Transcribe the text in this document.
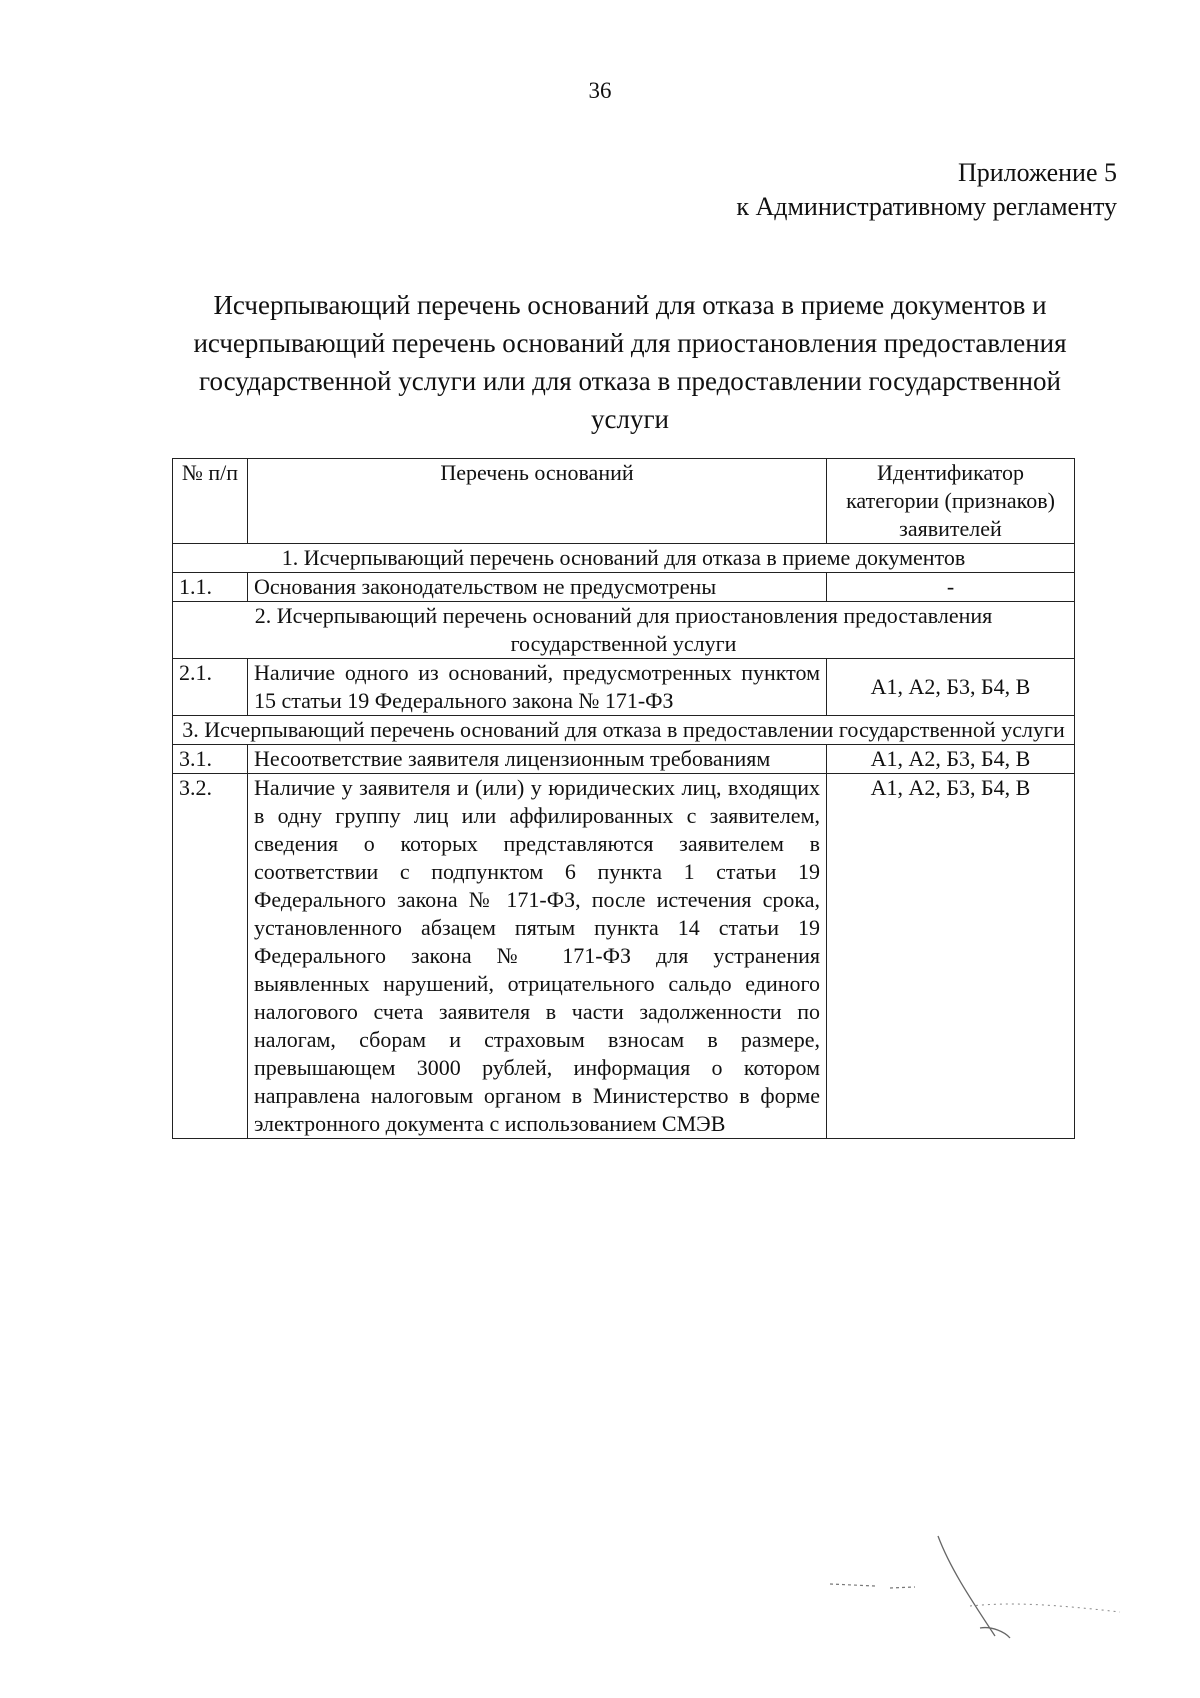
36
Приложение 5
к Административному регламенту
Исчерпывающий перечень оснований для отказа в приеме документов и
исчерпывающий перечень оснований для приостановления предоставления
государственной услуги или для отказа в предоставлении государственной
услуги
№ п/п	Перечень оснований	Идентификатор категории (признаков) заявителей
1. Исчерпывающий перечень оснований для отказа в приеме документов		
1.1.	Основания законодательством не предусмотрены	-
2. Исчерпывающий перечень оснований для приостановления предоставления государственной услуги		
2.1.	Наличие одного из оснований, предусмотренных пунктом 15 статьи 19 Федерального закона № 171-ФЗ	А1, А2, Б3, Б4, В
3. Исчерпывающий перечень оснований для отказа в предоставлении государственной услуги		
3.1.	Несоответствие заявителя лицензионным требованиям	А1, А2, Б3, Б4, В
3.2.	Наличие у заявителя и (или) у юридических лиц, входящих в одну группу лиц или аффилированных с заявителем, сведения о которых представляются заявителем в соответствии с подпунктом 6 пункта 1 статьи 19 Федерального закона № 171-ФЗ, после истечения срока, установленного абзацем пятым пункта 14 статьи 19 Федерального закона № 171-ФЗ для устранения выявленных нарушений, отрицательного сальдо единого налогового счета заявителя в части задолженности по налогам, сборам и страховым взносам в размере, превышающем 3000 рублей, информация о котором направлена налоговым органом в Министерство в форме электронного документа с использованием СМЭВ	А1, А2, Б3, Б4, В
